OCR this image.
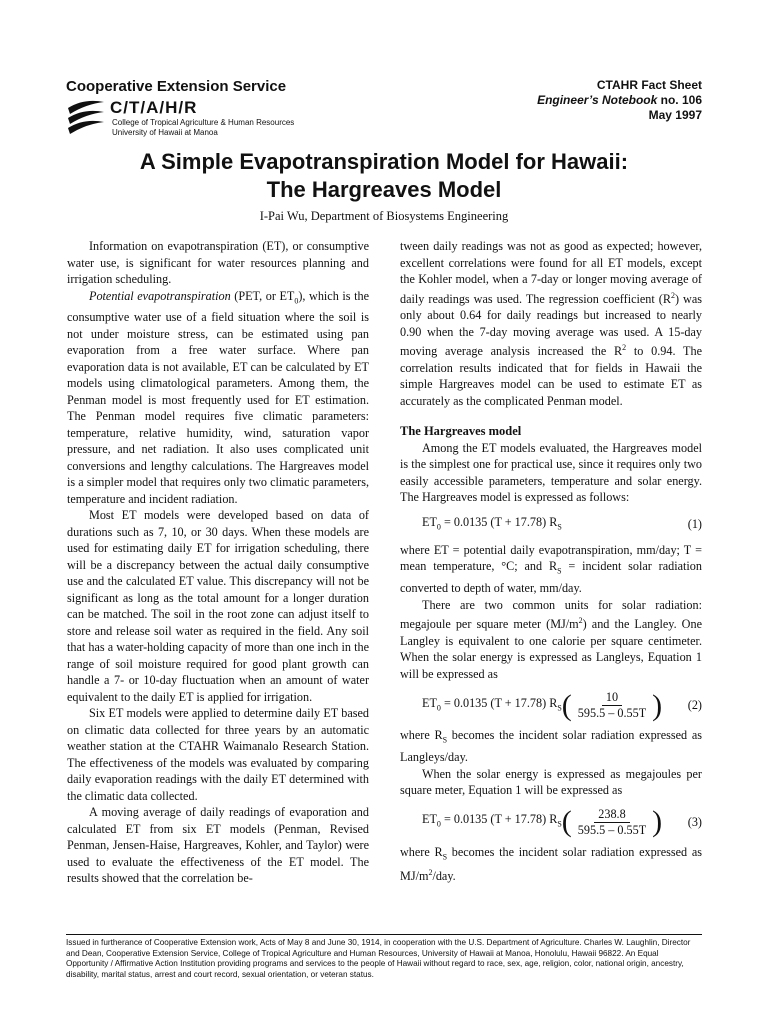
Cooperative Extension Service
C/T/A/H/R
College of Tropical Agriculture & Human Resources
University of Hawaii at Manoa
CTAHR Fact Sheet
Engineer’s Notebook no. 106
May 1997
A Simple Evapotranspiration Model for Hawaii:
The Hargreaves Model
I-Pai Wu, Department of Biosystems Engineering

Information on evapotranspiration (ET), or consumptive water use, is significant for water resources planning and irrigation scheduling.

Potential evapotranspiration (PET, or $ET_0$), which is the consumptive water use of a field situation where the soil is not under moisture stress, can be estimated using pan evaporation from a free water surface. Where pan evaporation data is not available, ET can be calculated by ET models using climatological parameters. Among them, the Penman model is most frequently used for ET estimation. The Penman model requires five climatic parameters: temperature, relative humidity, wind, saturation vapor pressure, and net radiation. It also uses complicated unit conversions and lengthy calculations. The Hargreaves model is a simpler model that requires only two climatic parameters, temperature and incident radiation.

Most ET models were developed based on data of durations such as 7, 10, or 30 days. When these models are used for estimating daily ET for irrigation scheduling, there will be a discrepancy between the actual daily consumptive use and the calculated ET value. This discrepancy will not be significant as long as the total amount for a longer duration can be matched. The soil in the root zone can adjust itself to store and release soil water as required in the field. Any soil that has a water-holding capacity of more than one inch in the range of soil moisture required for good plant growth can handle a 7- or 10-day fluctuation when an amount of water equivalent to the daily ET is applied for irrigation.

Six ET models were applied to determine daily ET based on climatic data collected for three years by an automatic weather station at the CTAHR Waimanalo Research Station. The effectiveness of the models was evaluated by comparing daily evaporation readings with the daily ET determined with the climatic data collected.

A moving average of daily readings of evaporation and calculated ET from six ET models (Penman, Revised Penman, Jensen-Haise, Hargreaves, Kohler, and Taylor) were used to evaluate the effectiveness of the ET model. The results showed that the correlation be-

tween daily readings was not as good as expected; however, excellent correlations were found for all ET models, except the Kohler model, when a 7-day or longer moving average of daily readings was used. The regression coefficient $(R^2)$ was only about 0.64 for daily readings but increased to nearly 0.90 when the 7-day moving average was used. A 15-day moving average analysis increased the $R^2$ to 0.94. The correlation results indicated that for fields in Hawaii the simple Hargreaves model can be used to estimate ET as accurately as the complicated Penman model.

The Hargreaves model

Among the ET models evaluated, the Hargreaves model is the simplest one for practical use, since it requires only two easily accessible parameters, temperature and solar energy. The Hargreaves model is expressed as follows:

$ET_0 = 0.0135$ (T + 17.78) $R_S$	(1)

where ET = potential daily evapotranspiration, mm/day; T = mean temperature, °C; and $R_S$ = incident solar radiation converted to depth of water, mm/day.

There are two common units for solar radiation: megajoule per square meter $(MJ/m^2)$ and the Langley. One Langley is equivalent to one calorie per square centimeter. When the solar energy is expressed as Langleys, Equation 1 will be expressed as

$ET_0 = 0.0135$ (T + 17.78) $R_S$ ( $\frac{10}{595.5 - 0.55T}$ ) (2)

where $R_S$ becomes the incident solar radiation expressed as Langleys/day.

When the solar energy is expressed as megajoules per square meter, Equation 1 will be expressed as

$ET_0 = 0.0135$ (T + 17.78) $R_S$ ( $\frac{238.8}{595.5 - 0.55T}$ ) (3)

where $R_S$ becomes the incident solar radiation expressed as $MJ/m^2$/day.

Issued in furtherance of Cooperative Extension work, Acts of May 8 and June 30, 1914, in cooperation with the U.S. Department of Agriculture. Charles W. Laughlin, Director and Dean, Cooperative Extension Service, College of Tropical Agriculture and Human Resources, University of Hawaii at Manoa, Honolulu, Hawaii 96822. An Equal Opportunity / Affirmative Action Institution providing programs and services to the people of Hawaii without regard to race, sex, age, religion, color, national origin, ancestry, disability, marital status, arrest and court record, sexual orientation, or veteran status.
